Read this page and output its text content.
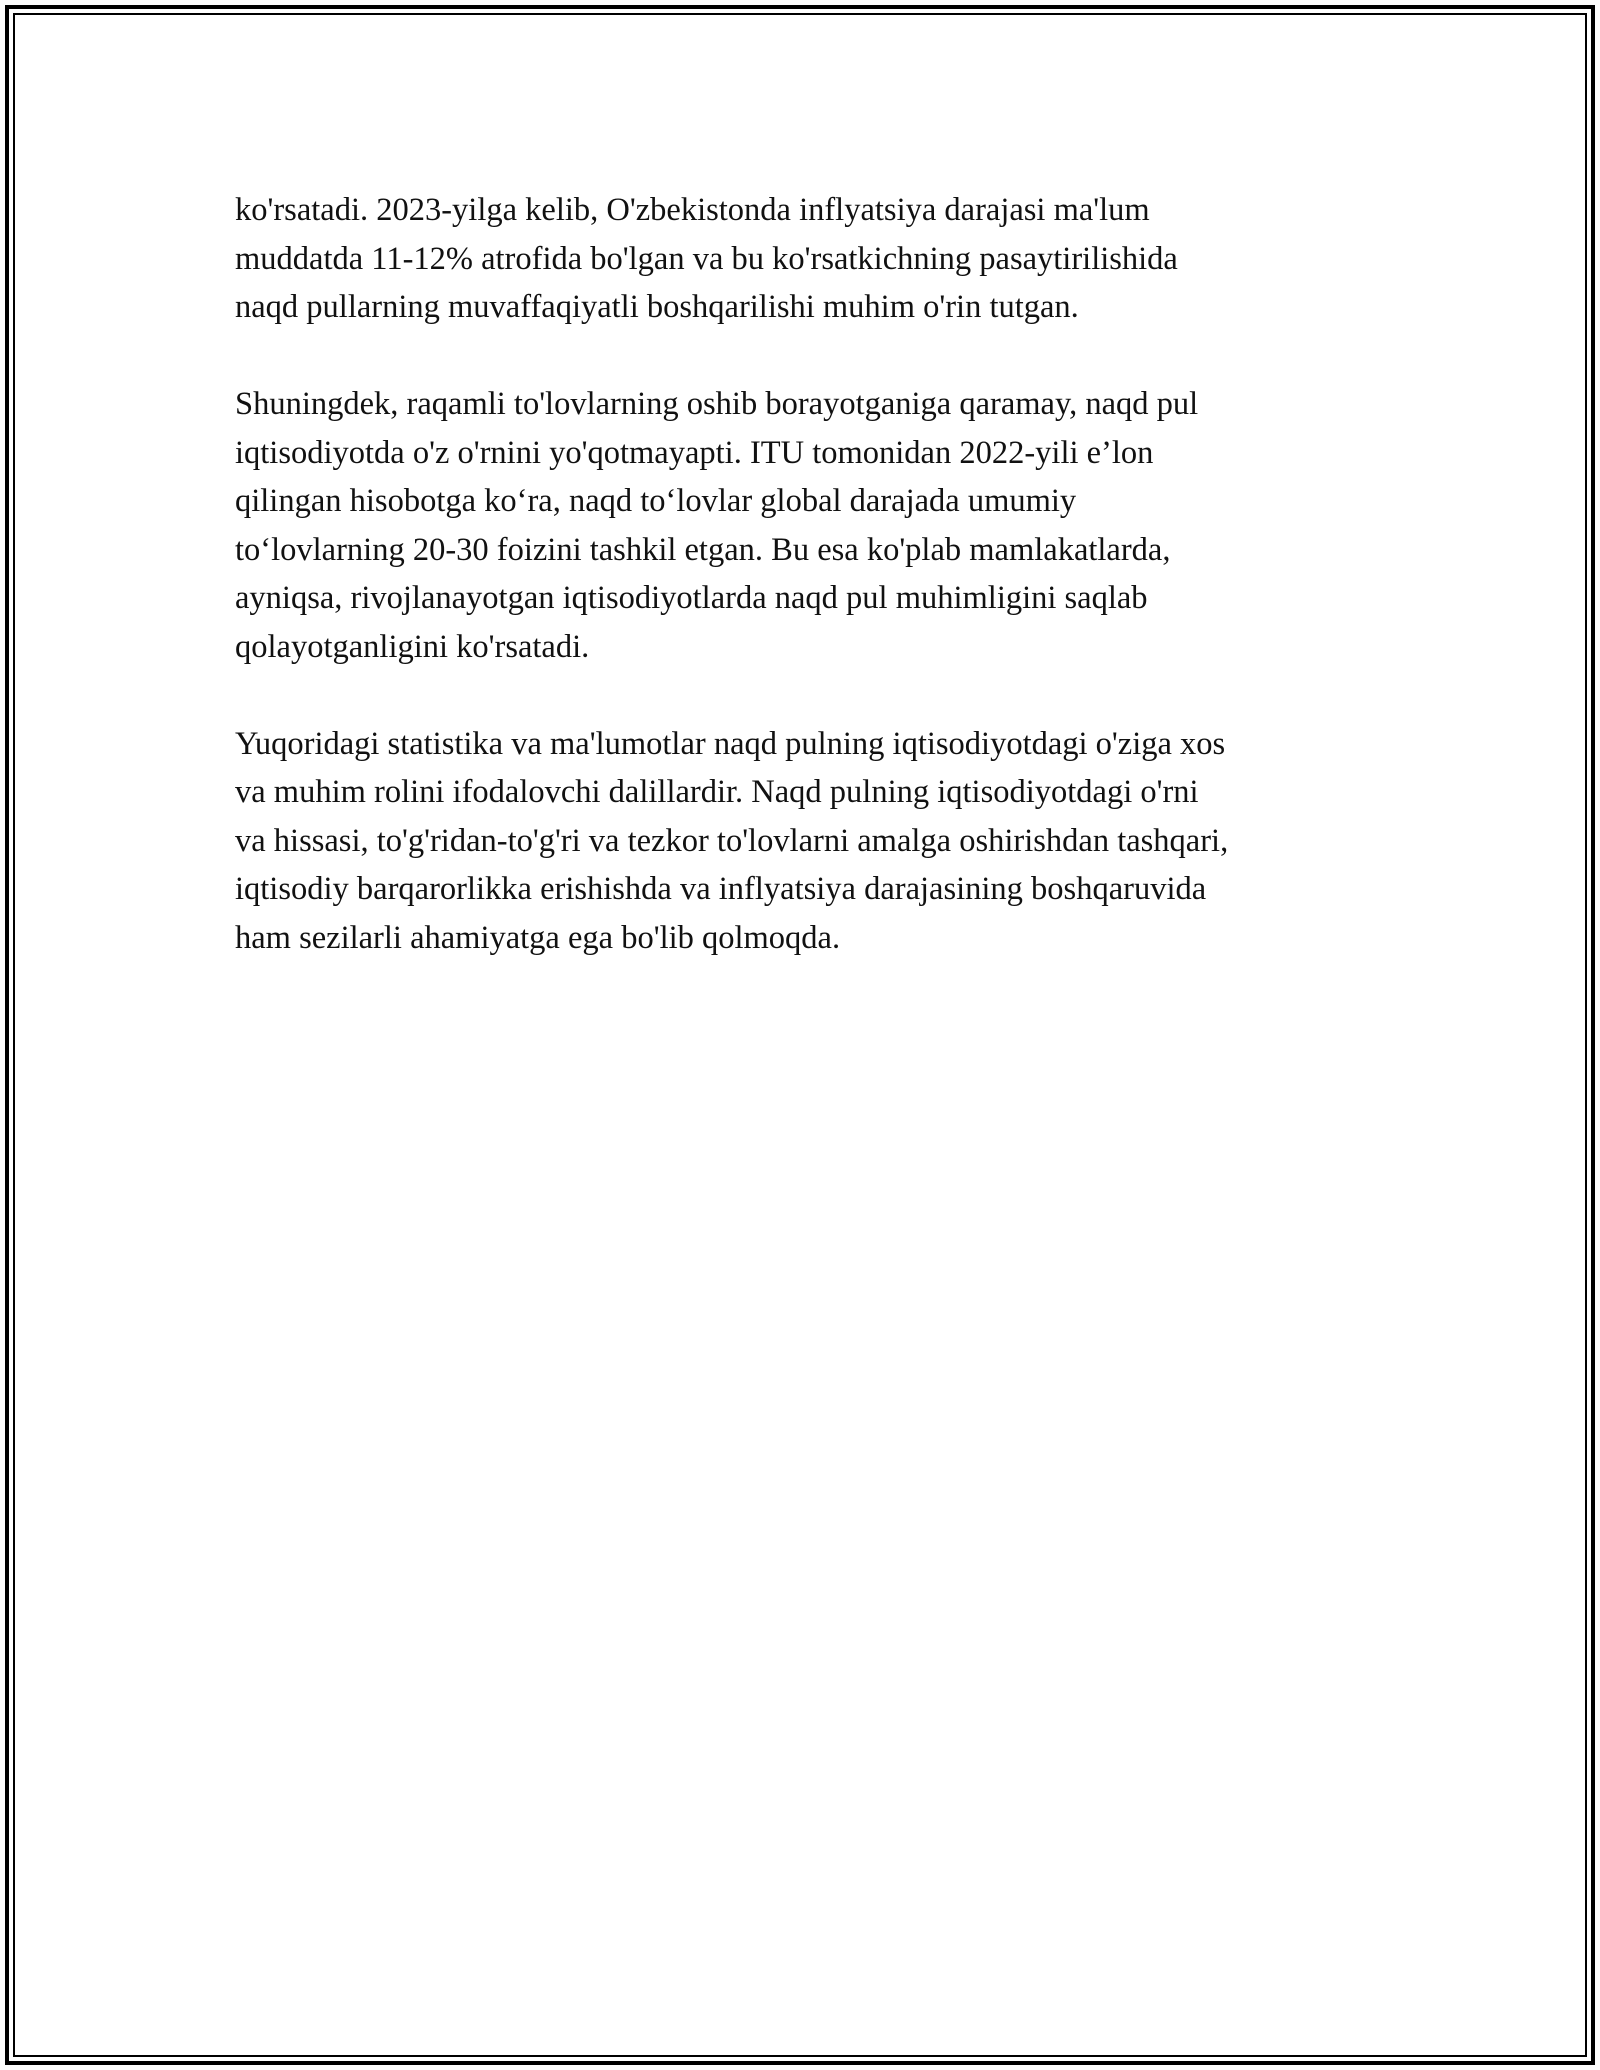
ko'rsatadi. 2023-yilga kelib, O'zbekistonda inflyatsiya darajasi ma'lum
muddatda 11-12% atrofida bo'lgan va bu ko'rsatkichning pasaytirilishida
naqd pullarning muvaffaqiyatli boshqarilishi muhim o'rin tutgan.

Shuningdek, raqamli to'lovlarning oshib borayotganiga qaramay, naqd pul
iqtisodiyotda o'z o'rnini yo'qotmayapti. ITU tomonidan 2022-yili e’lon
qilingan hisobotga ko‘ra, naqd to‘lovlar global darajada umumiy
to‘lovlarning 20-30 foizini tashkil etgan. Bu esa ko'plab mamlakatlarda,
ayniqsa, rivojlanayotgan iqtisodiyotlarda naqd pul muhimligini saqlab
qolayotganligini ko'rsatadi.

Yuqoridagi statistika va ma'lumotlar naqd pulning iqtisodiyotdagi o'ziga xos
va muhim rolini ifodalovchi dalillardir. Naqd pulning iqtisodiyotdagi o'rni
va hissasi, to'g'ridan-to'g'ri va tezkor to'lovlarni amalga oshirishdan tashqari,
iqtisodiy barqarorlikka erishishda va inflyatsiya darajasining boshqaruvida
ham sezilarli ahamiyatga ega bo'lib qolmoqda.
